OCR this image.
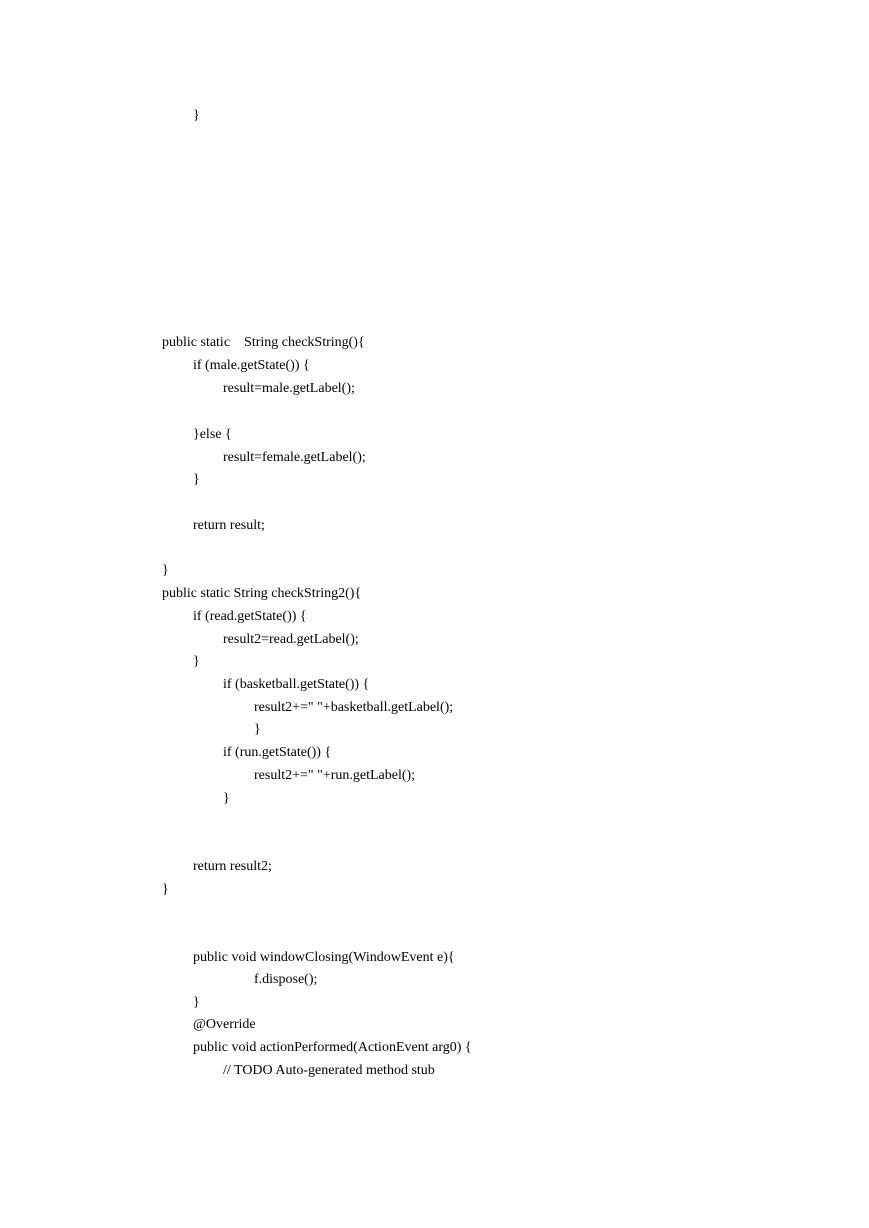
}

public static    String checkString(){

if (male.getState()) {

result=male.getLabel();

}else {

result=female.getLabel();

}

return result;

}

public static String checkString2(){

if (read.getState()) {

result2=read.getLabel();

}

if (basketball.getState()) {

result2+=" "+basketball.getLabel();

}

if (run.getState()) {

result2+=" "+run.getLabel();

}

return result2;

}

public void windowClosing(WindowEvent e){

f.dispose();

}

@Override

public void actionPerformed(ActionEvent arg0) {

// TODO Auto-generated method stub
